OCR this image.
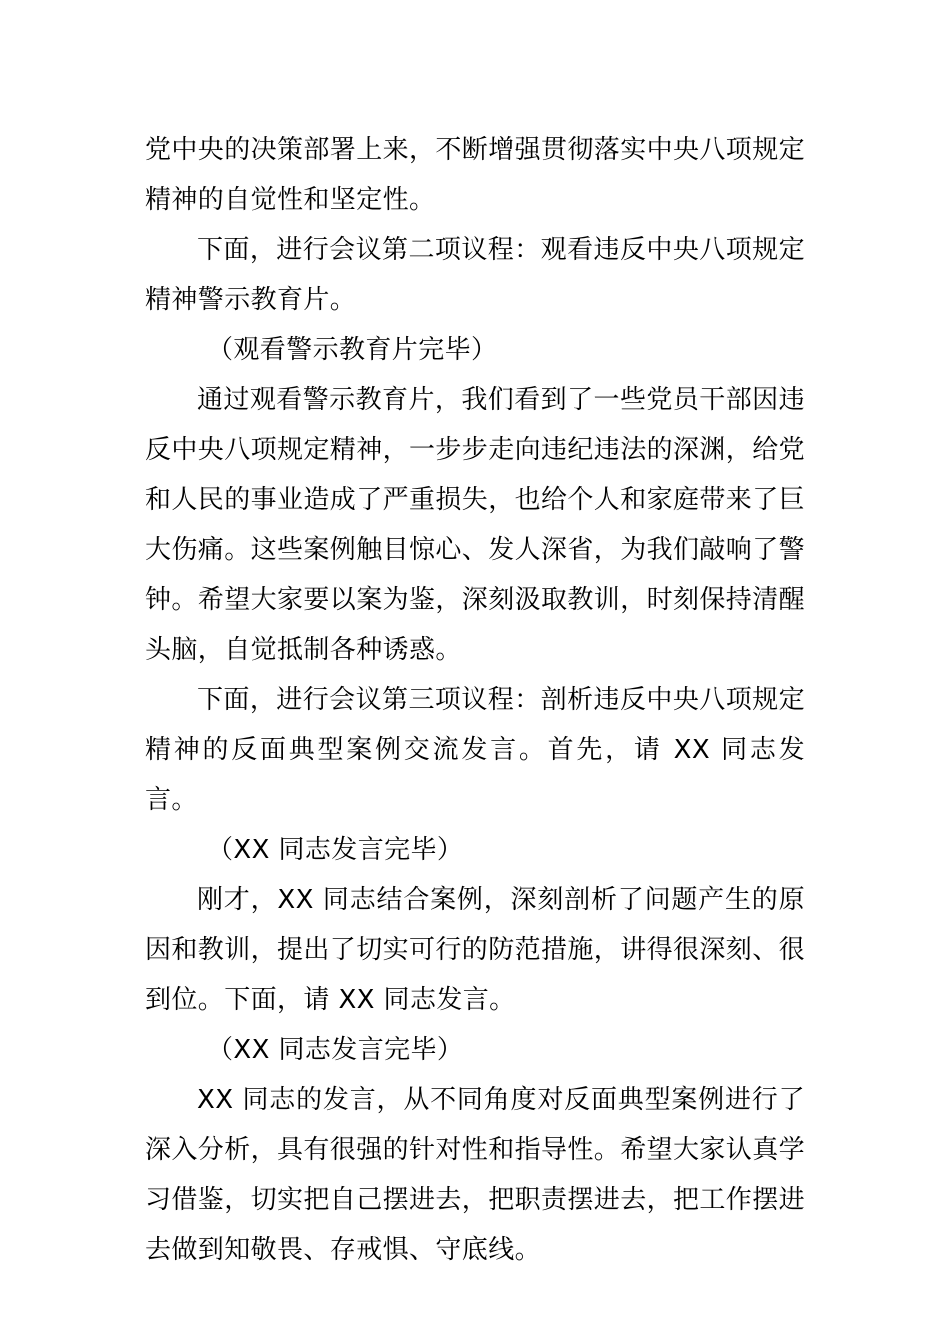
党中央的决策部署上来，不断增强贯彻落实中央八项规定精神的自觉性和坚定性。

下面，进行会议第二项议程：观看违反中央八项规定精神警示教育片。

（观看警示教育片完毕）

通过观看警示教育片，我们看到了一些党员干部因违反中央八项规定精神，一步步走向违纪违法的深渊，给党和人民的事业造成了严重损失，也给个人和家庭带来了巨大伤痛。这些案例触目惊心、发人深省，为我们敲响了警钟。希望大家要以案为鉴，深刻汲取教训，时刻保持清醒头脑，自觉抵制各种诱惑。

下面，进行会议第三项议程：剖析违反中央八项规定精神的反面典型案例交流发言。首先，请 XX 同志发言。

（XX 同志发言完毕）

刚才，XX 同志结合案例，深刻剖析了问题产生的原因和教训，提出了切实可行的防范措施，讲得很深刻、很到位。下面，请 XX 同志发言。

（XX 同志发言完毕）

XX 同志的发言，从不同角度对反面典型案例进行了深入分析，具有很强的针对性和指导性。希望大家认真学习借鉴，切实把自己摆进去，把职责摆进去，把工作摆进去做到知敬畏、存戒惧、守底线。
